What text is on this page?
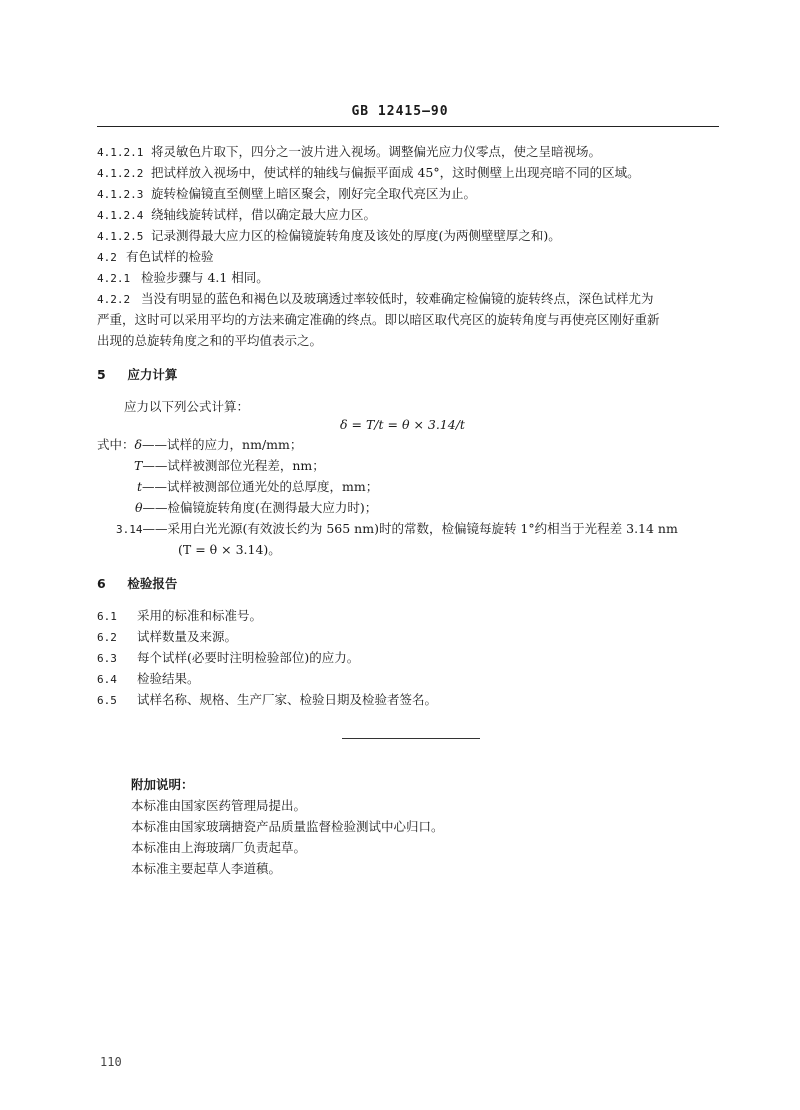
GB 12415—90
4.1.2.1 将灵敏色片取下，四分之一波片进入视场。调整偏光应力仪零点，使之呈暗视场。
4.1.2.2 把试样放入视场中，使试样的轴线与偏振平面成 45°，这时侧壁上出现亮暗不同的区域。
4.1.2.3 旋转检偏镜直至侧壁上暗区聚会，刚好完全取代亮区为止。
4.1.2.4 绕轴线旋转试样，借以确定最大应力区。
4.1.2.5 记录测得最大应力区的检偏镜旋转角度及该处的厚度(为两侧壁壁厚之和)。
4.2 有色试样的检验
4.2.1 检验步骤与 4.1 相同。
4.2.2 当没有明显的蓝色和褐色以及玻璃透过率较低时，较难确定检偏镜的旋转终点，深色试样尤为
严重，这时可以采用平均的方法来确定准确的终点。即以暗区取代亮区的旋转角度与再使亮区刚好重新
出现的总旋转角度之和的平均值表示之。
5 应力计算
应力以下列公式计算：
δ = T/t = θ × 3.14/t
式中：δ——试样的应力，nm/mm；
T——试样被测部位光程差，nm；
t——试样被测部位通光处的总厚度，mm；
θ——检偏镜旋转角度(在测得最大应力时)；
3.14——采用白光光源(有效波长约为 565 nm)时的常数，检偏镜每旋转 1°约相当于光程差 3.14 nm
(T = θ × 3.14)。
6 检验报告
6.1 采用的标准和标准号。
6.2 试样数量及来源。
6.3 每个试样(必要时注明检验部位)的应力。
6.4 检验结果。
6.5 试样名称、规格、生产厂家、检验日期及检验者签名。
附加说明：
本标准由国家医药管理局提出。
本标准由国家玻璃搪瓷产品质量监督检验测试中心归口。
本标准由上海玻璃厂负责起草。
本标准主要起草人李道稹。
110
